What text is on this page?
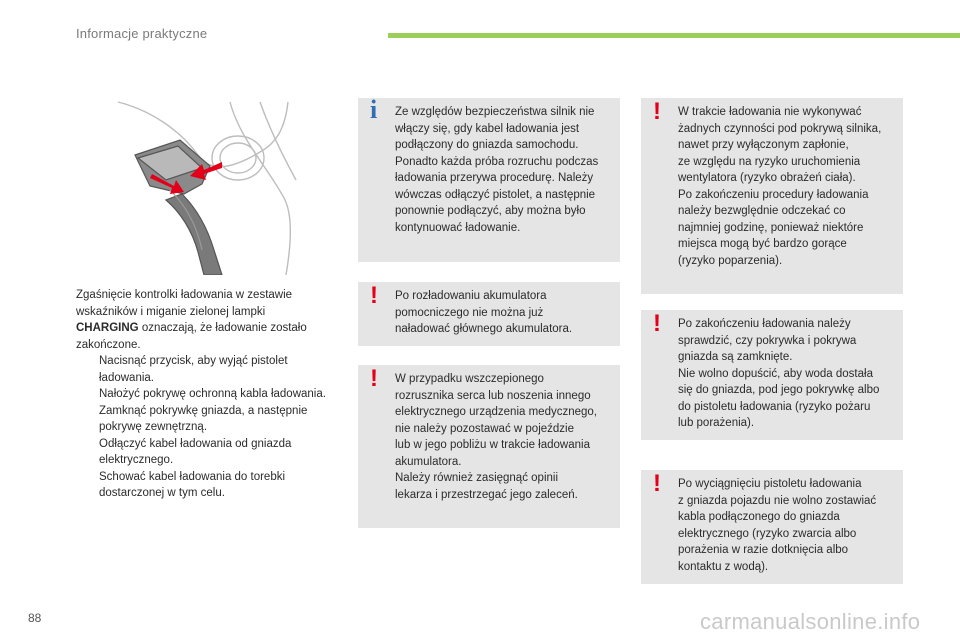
Informacje praktyczne

Zgaśnięcie kontrolki ładowania w zestawie wskaźników i miganie zielonej lampki CHARGING oznaczają, że ładowanie zostało zakończone.

Nacisnąć przycisk, aby wyjąć pistolet ładowania.
Nałożyć pokrywę ochronną kabla ładowania.
Zamknąć pokrywkę gniazda, a następnie pokrywę zewnętrzną.
Odłączyć kabel ładowania od gniazda elektrycznego.
Schować kabel ładowania do torebki dostarczonej w tym celu.
i Ze względów bezpieczeństwa silnik nie

włączy się, gdy kabel ładowania jest

podłączony do gniazda samochodu.

Ponadto każda próba rozruchu podczas

ładowania przerywa procedurę. Należy

wówczas odłączyć pistolet, a następnie

ponownie podłączyć, aby można było

kontynuować ładowanie.

! Po rozładowaniu akumulatora

pomocniczego nie można już

naładować głównego akumulatora.

! W przypadku wszczepionego

rozrusznika serca lub noszenia innego

elektrycznego urządzenia medycznego,

nie należy pozostawać w pojeździe

lub w jego pobliżu w trakcie ładowania

akumulatora.

Należy również zasięgnąć opinii

lekarza i przestrzegać jego zaleceń.

! W trakcie ładowania nie wykonywać

żadnych czynności pod pokrywą silnika,

nawet przy wyłączonym zapłonie,

ze względu na ryzyko uruchomienia

wentylatora (ryzyko obrażeń ciała).

Po zakończeniu procedury ładowania

należy bezwględnie odczekać co

najmniej godzinę, ponieważ niektóre

miejsca mogą być bardzo gorące

(ryzyko poparzenia).

! Po zakończeniu ładowania należy

sprawdzić, czy pokrywka i pokrywa

gniazda są zamknięte.

Nie wolno dopuścić, aby woda dostała

się do gniazda, pod jego pokrywkę albo

do pistoletu ładowania (ryzyko pożaru

lub porażenia).

! Po wyciągnięciu pistoletu ładowania

z gniazda pojazdu nie wolno zostawiać

kabla podłączonego do gniazda

elektrycznego (ryzyko zwarcia albo

porażenia w razie dotknięcia albo

kontaktu z wodą).

88	carmanualsonline.info
